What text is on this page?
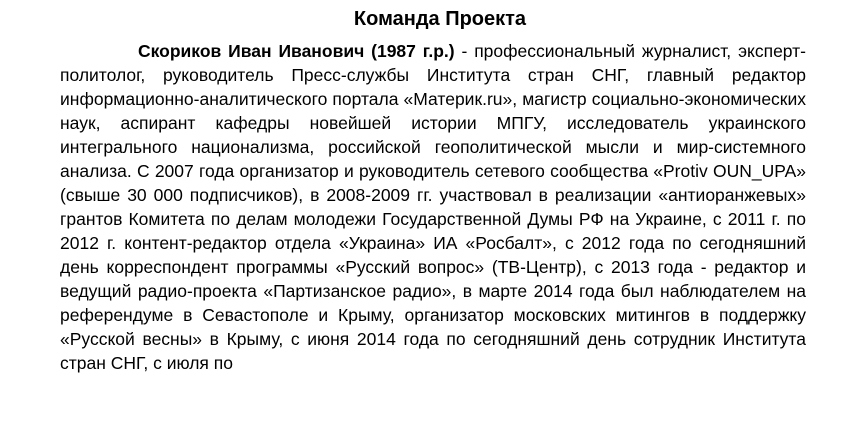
Команда Проекта

Скориков Иван Иванович (1987 г.р.) - профессиональный журналист, эксперт-политолог, руководитель Пресс-службы Института стран СНГ, главный редактор информационно-аналитического портала «Материк.ru», магистр социально-экономических наук, аспирант кафедры новейшей истории МПГУ, исследователь украинского интегрального национализма, российской геополитической мысли и мир-системного анализа. С 2007 года организатор и руководитель сетевого сообщества «Protiv OUN_UPA» (свыше 30 000 подписчиков), в 2008-2009 гг. участвовал в реализации «антиоранжевых» грантов Комитета по делам молодежи Государственной Думы РФ на Украине, с 2011 г. по 2012 г. контент-редактор отдела «Украина» ИА «Росбалт», с 2012 года по сегодняшний день корреспондент программы «Русский вопрос» (ТВ-Центр), с 2013 года - редактор и ведущий радио-проекта «Партизанское радио», в марте 2014 года был наблюдателем на референдуме в Севастополе и Крыму, организатор московских митингов в поддержку «Русской весны» в Крыму, с июня 2014 года по сегодняшний день сотрудник Института стран СНГ, с июля по
